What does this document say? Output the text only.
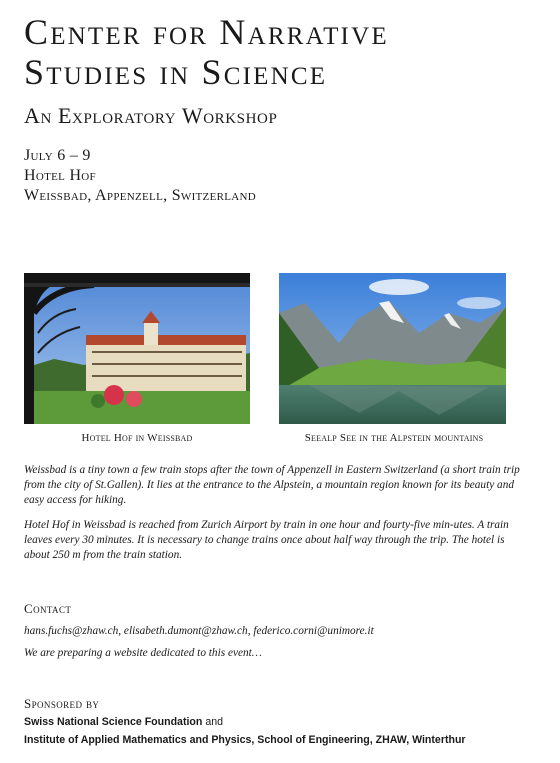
Center for Narrative
Studies in Science
An Exploratory Workshop
July 6 – 9
Hotel Hof
Weissbad, Appenzell, Switzerland
Hotel Hof in Weissbad	Seealp See in the Alpstein mountains

Weissbad is a tiny town a few train stops after the town of Appenzell in Eastern Switzerland (a short train trip from the city of St.Gallen). It lies at the entrance to the Alpstein, a mountain region known for its beauty and easy access for hiking.

Hotel Hof in Weissbad is reached from Zurich Airport by train in one hour and fourty-five min-utes. A train leaves every 30 minutes. It is necessary to change trains once about half way through the trip. The hotel is about 250 m from the train station.

Contact
hans.fuchs@zhaw.ch, elisabeth.dumont@zhaw.ch, federico.corni@unimore.it
We are preparing a website dedicated to this event…
Sponsored by
Swiss National Science Foundation and
Institute of Applied Mathematics and Physics, School of Engineering, ZHAW, Winterthur
